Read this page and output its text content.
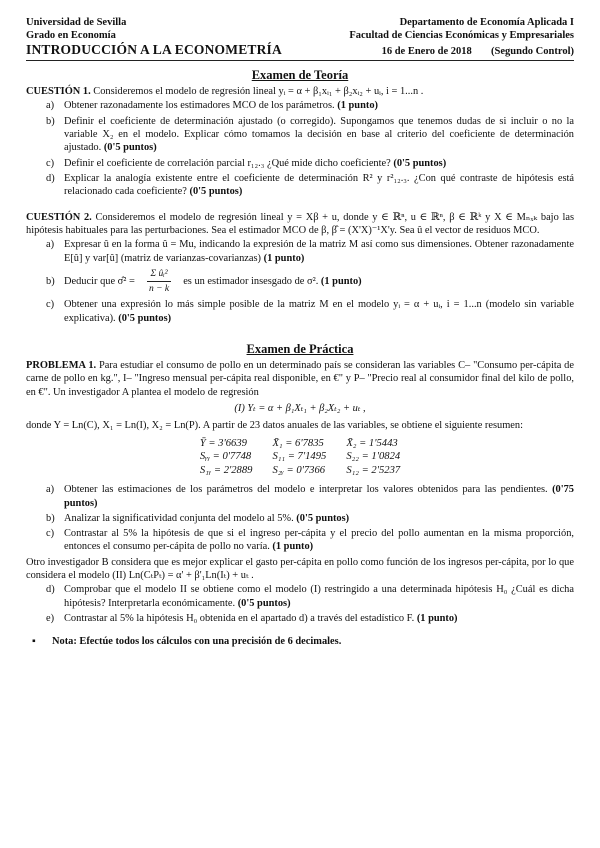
Universidad de Sevilla	Departamento de Economía Aplicada I
Grado en Economía	Facultad de Ciencias Económicas y Empresariales
INTRODUCCIÓN A LA ECONOMETRÍA	16 de Enero de 2018 (Segundo Control)
Examen de Teoría

CUESTIÓN 1. Consideremos el modelo de regresión lineal yᵢ = α + β₁xᵢ₁ + β₂xᵢ₂ + uᵢ, i = 1...n .

a) Obtener razonadamente los estimadores MCO de los parámetros. (1 punto)
b) Definir el coeficiente de determinación ajustado (o corregido). Supongamos que tenemos dudas de si incluir o no la variable X₂ en el modelo. Explicar cómo tomamos la decisión en base al criterio del coeficiente de determinación ajustado. (0'5 puntos)
c) Definir el coeficiente de correlación parcial r₁₂.₃ ¿Qué mide dicho coeficiente? (0'5 puntos)
d) Explicar la analogía existente entre el coeficiente de determinación R² y r²₁₂.₃. ¿Con qué contraste de hipótesis está relacionado cada coeficiente? (0'5 puntos)

CUESTIÓN 2. Consideremos el modelo de regresión lineal y = Xβ + u, donde y ∈ ℝⁿ, u ∈ ℝⁿ, β ∈ ℝᵏ y X ∈ Mₙₓₖ bajo las hipótesis habituales para las perturbaciones. Sea el estimador MCO de β, β̂ = (X'X)⁻¹X'y. Sea û el vector de residuos MCO.

a) Expresar û en la forma û = Mu, indicando la expresión de la matriz M así como sus dimensiones. Obtener razonadamente E[û] y var[û] (matriz de varianzas-covarianzas) (1 punto)
b) Deducir que σ̂² = $\frac{\text{Σ ûᵢ²}}{n - k}$ es un estimador insesgado de σ². (1 punto)
c) Obtener una expresión lo más simple posible de la matriz M en el modelo yᵢ = α + uᵢ, i = 1...n (modelo sin variable explicativa). (0'5 puntos)
Examen de Práctica

PROBLEMA 1. Para estudiar el consumo de pollo en un determinado país se consideran las variables C– "Consumo per-cápita de carne de pollo en kg.", I– "Ingreso mensual per-cápita real disponible, en €" y P– "Precio real al consumidor final del kilo de pollo, en €". Un investigador A plantea el modelo de regresión

(I) Yₜ = α + β₁Xₜ₁ + β₂Xₜ₂ + uₜ ,

donde Y = Ln(C), X₁ = Ln(I), X₂ = Ln(P). A partir de 23 datos anuales de las variables, se obtiene el siguiente resumen:

Ȳ = 3'6639	X̄₁ = 6'7835	X̄₂ = 1'5443
Sᵧᵧ = 0'7748	S₁₁ = 7'1495	S₂₂ = 1'0824
S₁ᵧ = 2'2889	S₂ᵧ = 0'7366	S₁₂ = 2'5237
a) Obtener las estimaciones de los parámetros del modelo e interpretar los valores obtenidos para las pendientes. (0'75 puntos)
b) Analizar la significatividad conjunta del modelo al 5%. (0'5 puntos)
c) Contrastar al 5% la hipótesis de que si el ingreso per-cápita y el precio del pollo aumentan en la misma proporción, entonces el consumo per-cápita de pollo no varía. (1 punto)

Otro investigador B considera que es mejor explicar el gasto per-cápita en pollo como función de los ingresos per-cápita, por lo que considera el modelo (II) Ln(CₜPₜ) = α' + β'₁Ln(Iₜ) + uₜ .

d) Comprobar que el modelo II se obtiene como el modelo (I) restringido a una determinada hipótesis H₀ ¿Cuál es dicha hipótesis? Interpretarla económicamente. (0'5 puntos)
e) Contrastar al 5% la hipótesis H₀ obtenida en el apartado d) a través del estadístico F. (1 punto)
▪	Nota: Efectúe todos los cálculos con una precisión de 6 decimales.
